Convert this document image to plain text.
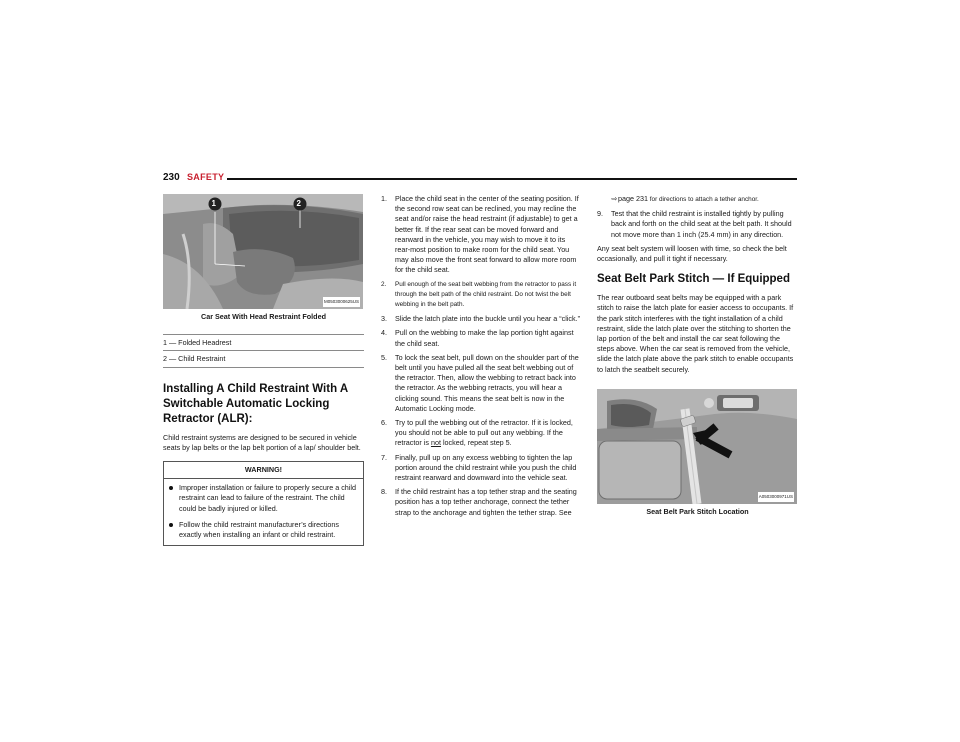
230 SAFETY
1	2
M0503000625US
Car Seat With Head Restraint Folded
1 — Folded Headrest
2 — Child Restraint
Installing A Child Restraint With A Switchable Automatic Locking Retractor (ALR):

Child restraint systems are designed to be secured in vehicle seats by lap belts or the lap belt portion of a lap/ shoulder belt.

WARNING!
Improper installation or failure to properly secure a child restraint can lead to failure of the restraint. The child could be badly injured or killed.
Follow the child restraint manufacturer’s directions exactly when installing an infant or child restraint.
1. Place the child seat in the center of the seating position. If the second row seat can be reclined, you may recline the seat and/or raise the head restraint (if adjustable) to get a better fit. If the rear seat can be moved forward and rearward in the vehicle, you may wish to move it to its rear-most position to make room for the child seat. You may also move the front seat forward to allow more room for the child seat.
2. Pull enough of the seat belt webbing from the retractor to pass it through the belt path of the child restraint. Do not twist the belt webbing in the belt path.
3. Slide the latch plate into the buckle until you hear a “click.”
4. Pull on the webbing to make the lap portion tight against the child seat.
5. To lock the seat belt, pull down on the shoulder part of the belt until you have pulled all the seat belt webbing out of the retractor. Then, allow the webbing to retract back into the retractor. As the webbing retracts, you will hear a clicking sound. This means the seat belt is now in the Automatic Locking mode.
6. Try to pull the webbing out of the retractor. If it is locked, you should not be able to pull out any webbing. If the retractor is not locked, repeat step 5.
7. Finally, pull up on any excess webbing to tighten the lap portion around the child restraint while you push the child restraint rearward and downward into the vehicle seat.
8. If the child restraint has a top tether strap and the seating position has a top tether anchorage, connect the tether strap to the anchorage and tighten the tether strap. See
⇨page 231 for directions to attach a tether anchor.
9. Test that the child restraint is installed tightly by pulling back and forth on the child seat at the belt path. It should not move more than 1 inch (25.4 mm) in any direction.

Any seat belt system will loosen with time, so check the belt occasionally, and pull it tight if necessary.

Seat Belt Park Stitch — If Equipped

The rear outboard seat belts may be equipped with a park stitch to raise the latch plate for easier access to occupants. If the park stitch interferes with the tight installation of a child restraint, slide the latch plate over the stitching to shorten the lap portion of the belt and install the car seat following the steps above. When the car seat is removed from the vehicle, slide the latch plate above the park stitch to enable occupants to latch the seatbelt securely.

A0503000971US
Seat Belt Park Stitch Location
